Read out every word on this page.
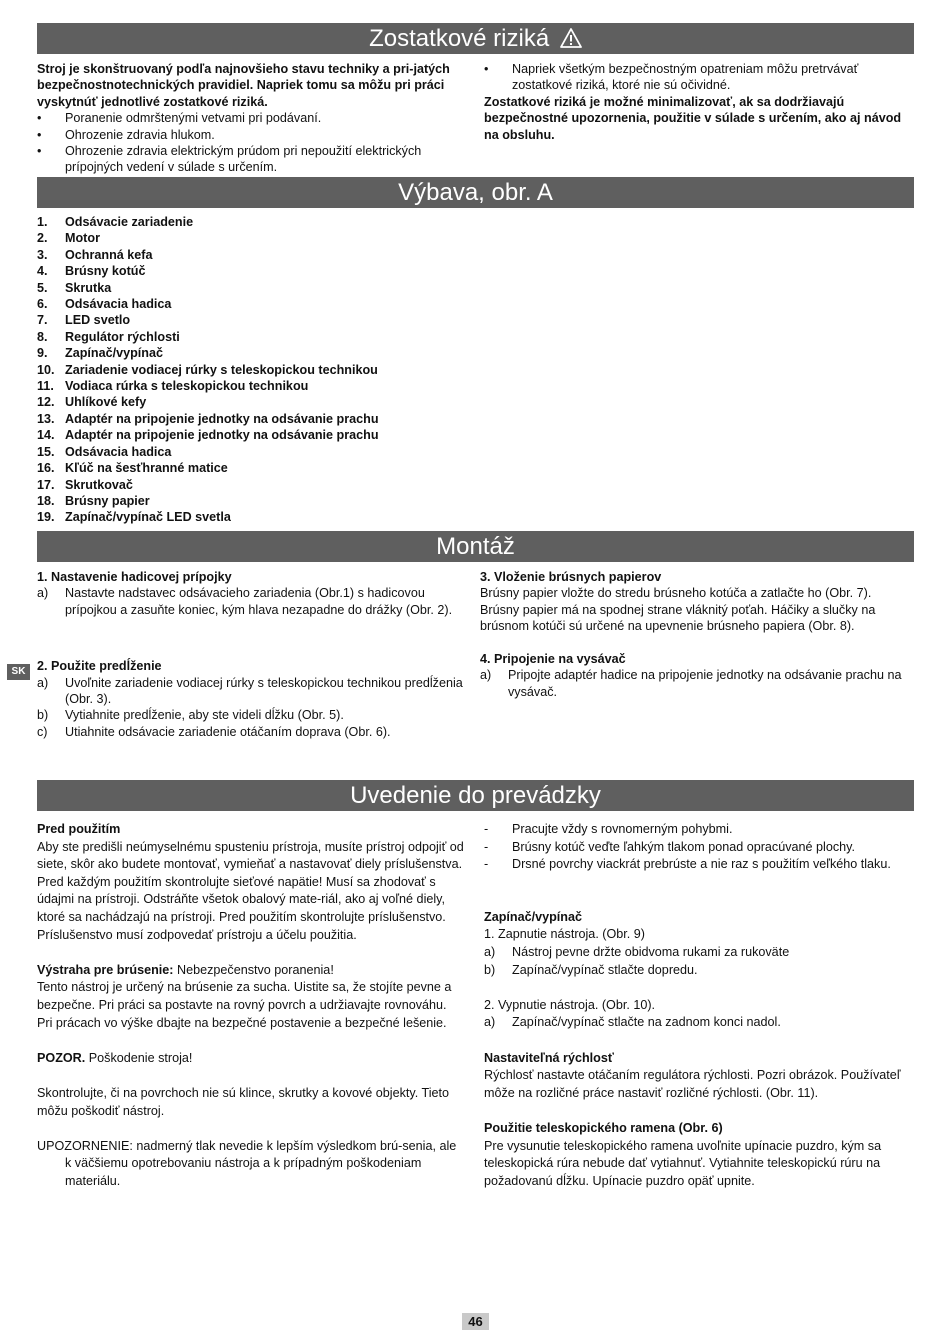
Zostatkové riziká

Stroj je skonštruovaný podľa najnovšieho stavu techniky a pri-jatých bezpečnostnotechnických pravidiel. Napriek tomu sa môžu pri práci vyskytnúť jednotlivé zostatkové riziká.

• Poranenie odmrštenými vetvami pri podávaní.
• Ohrozenie zdravia hlukom.
• Ohrozenie zdravia elektrickým prúdom pri nepoužití elektrických prípojných vedení v súlade s určením.
• Napriek všetkým bezpečnostným opatreniam môžu pretrvávať zostatkové riziká, ktoré nie sú očividné.

Zostatkové riziká je možné minimalizovať, ak sa dodržiavajú bezpečnostné upozornenia, použitie v súlade s určením, ako aj návod na obsluhu.

Výbava, obr. A
1. Odsávacie zariadenie
2. Motor
3. Ochranná kefa
4. Brúsny kotúč
5. Skrutka
6. Odsávacia hadica
7. LED svetlo
8. Regulátor rýchlosti
9. Zapínač/vypínač
10. Zariadenie vodiacej rúrky s teleskopickou technikou
11. Vodiaca rúrka s teleskopickou technikou
12. Uhlíkové kefy
13. Adaptér na pripojenie jednotky na odsávanie prachu
14. Adaptér na pripojenie jednotky na odsávanie prachu
15. Odsávacia hadica
16. Kľúč na šesťhranné matice
17. Skrutkovač
18. Brúsny papier
19. Zapínač/vypínač LED svetla
Montáž
1. Nastavenie hadicovej prípojky
a) Nastavte nadstavec odsávacieho zariadenia (Obr.1) s hadicovou prípojkou a zasuňte koniec, kým hlava nezapadne do drážky (Obr. 2).
2. Použite predĺženie
a) Uvoľnite zariadenie vodiacej rúrky s teleskopickou technikou predĺženia (Obr. 3).
b) Vytiahnite predĺženie, aby ste videli dĺžku (Obr. 5).
c) Utiahnite odsávacie zariadenie otáčaním doprava (Obr. 6).
3. Vloženie brúsnych papierov

Brúsny papier vložte do stredu brúsneho kotúča a zatlačte ho (Obr. 7). Brúsny papier má na spodnej strane vláknitý poťah. Háčiky a slučky na brúsnom kotúči sú určené na upevnenie brúsneho papiera (Obr. 8).

4. Pripojenie na vysávač
a) Pripojte adaptér hadice na pripojenie jednotky na odsávanie prachu na vysávač.
SK
Uvedenie do prevádzky
Pred použitím

Aby ste predišli neúmyselnému spusteniu prístroja, musíte prístroj odpojiť od siete, skôr ako budete montovať, vymieňať a nastavovať diely príslušenstva. Pred každým použitím skontrolujte sieťové napätie! Musí sa zhodovať s údajmi na prístroji. Odstráňte všetok obalový mate-riál, ako aj voľné diely, ktoré sa nachádzajú na prístroji. Pred použitím skontrolujte príslušenstvo. Príslušenstvo musí zodpovedať prístroju a účelu použitia.

Výstraha pre brúsenie: Nebezpečenstvo poranenia!

Tento nástroj je určený na brúsenie za sucha. Uistite sa, že stojíte pevne a bezpečne. Pri práci sa postavte na rovný povrch a udržiavajte rovnováhu. Pri prácach vo výške dbajte na bezpečné postavenie a bezpečné lešenie.

POZOR. Poškodenie stroja!

Skontrolujte, či na povrchoch nie sú klince, skrutky a kovové objekty. Tieto môžu poškodiť nástroj.

UPOZORNENIE: nadmerný tlak nevedie k lepším výsledkom brú-senia, ale k väčšiemu opotrebovaniu nástroja a k prípadným poškodeniam materiálu.

- Pracujte vždy s rovnomerným pohybmi.
- Brúsny kotúč veďte ľahkým tlakom ponad opracúvané plochy.
- Drsné povrchy viackrát prebrúste a nie raz s použitím veľkého tlaku.
Zapínač/vypínač
1. Zapnutie nástroja. (Obr. 9)
a) Nástroj pevne držte obidvoma rukami za rukoväte
b) Zapínač/vypínač stlačte dopredu.
2. Vypnutie nástroja. (Obr. 10).
a) Zapínač/vypínač stlačte na zadnom konci nadol.
Nastaviteľná rýchlosť

Rýchlosť nastavte otáčaním regulátora rýchlosti. Pozri obrázok. Používateľ môže na rozličné práce nastaviť rozličné rýchlosti. (Obr. 11).

Použitie teleskopického ramena (Obr. 6)

Pre vysunutie teleskopického ramena uvoľnite upínacie puzdro, kým sa teleskopická rúra nebude dať vytiahnuť. Vytiahnite teleskopickú rúru na požadovanú dĺžku. Upínacie puzdro opäť upnite.

46
